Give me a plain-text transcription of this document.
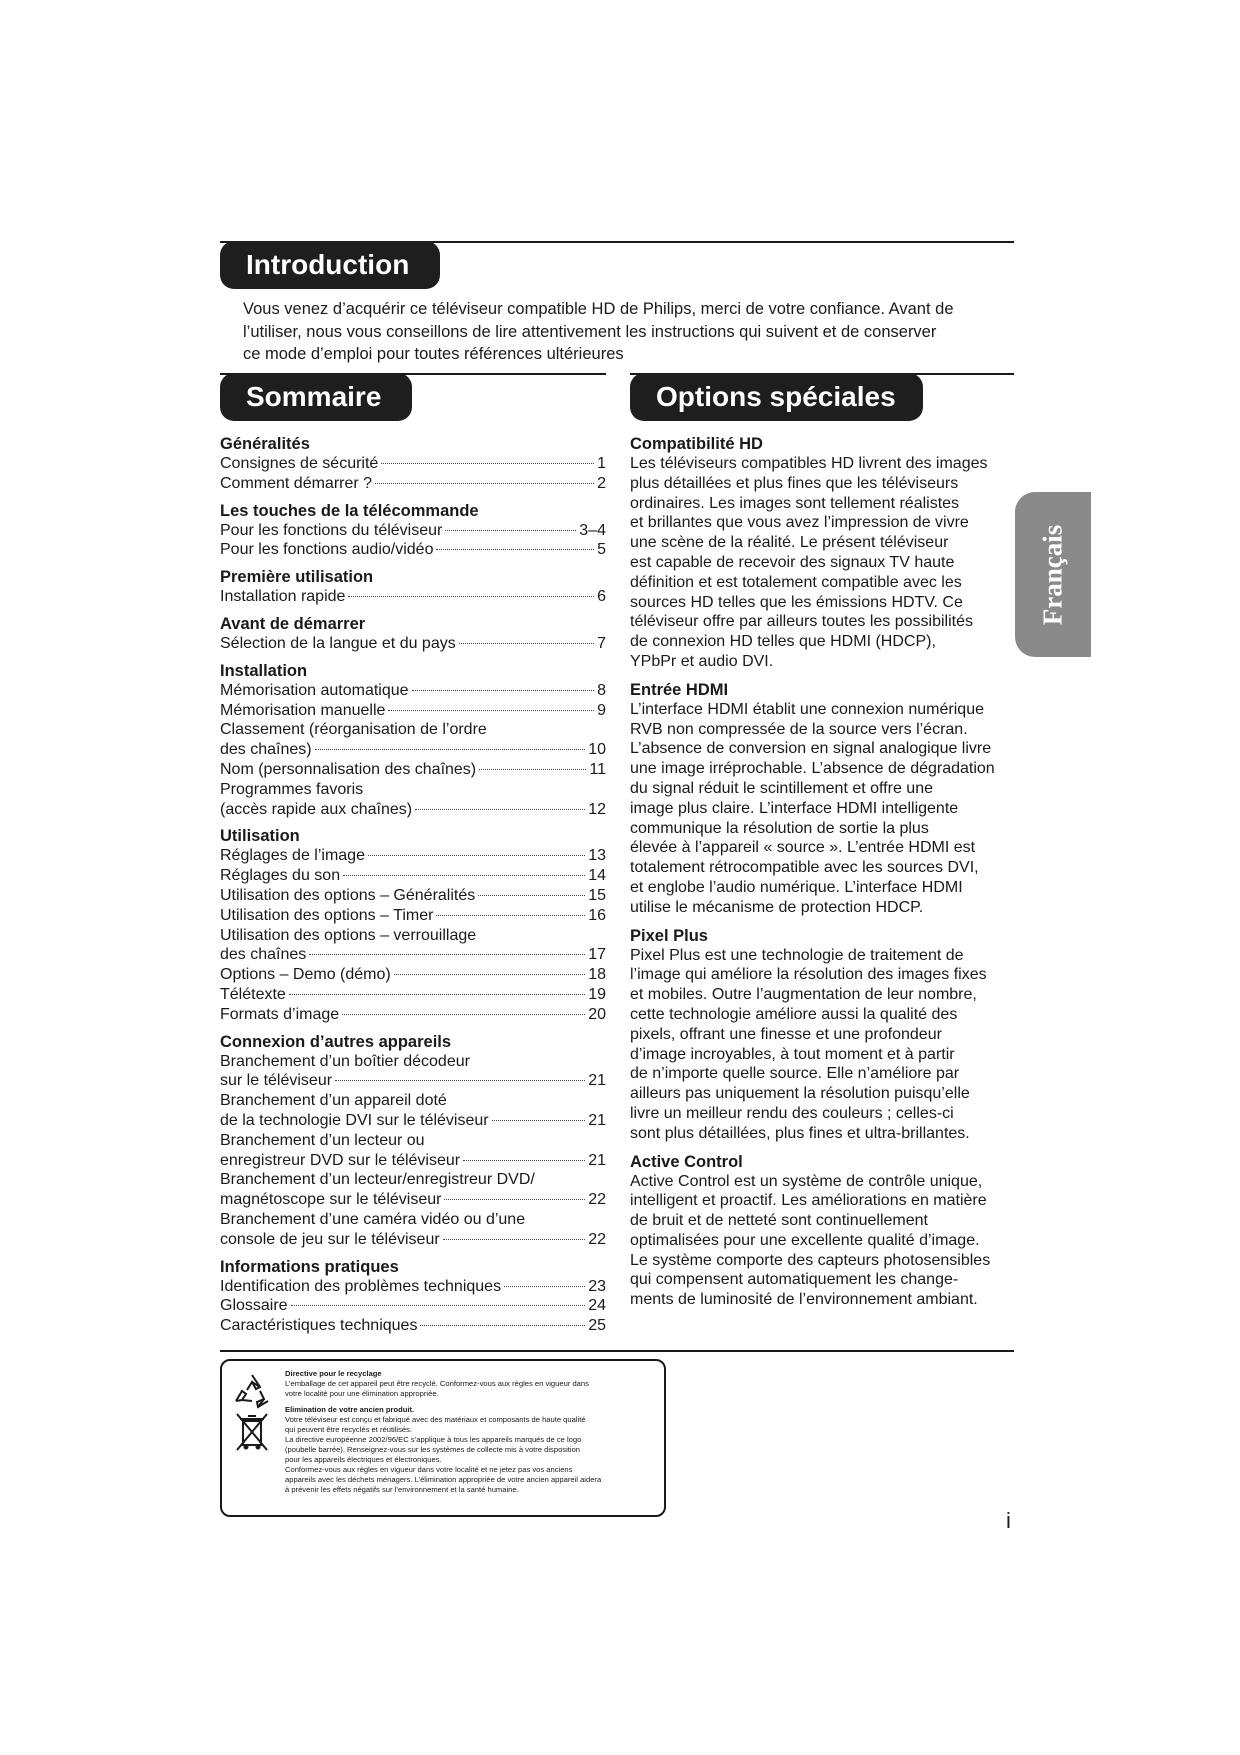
Introduction
Vous venez d’acquérir ce téléviseur compatible HD de Philips, merci de votre confiance. Avant de
l’utiliser, nous vous conseillons de lire attentivement les instructions qui suivent et de conserver
ce mode d’emploi pour toutes références ultérieures
Sommaire	Options spéciales
Français
Généralités
Consignes de sécurité	1
Comment démarrer ?	2
Les touches de la télécommande
Pour les fonctions du téléviseur	3–4
Pour les fonctions audio/vidéo	5
Première utilisation
Installation rapide	6
Avant de démarrer
Sélection de la langue et du pays	7
Installation
Mémorisation automatique	8
Mémorisation manuelle	9
Classement (réorganisation de l’ordre
des chaînes)	10
Nom (personnalisation des chaînes)	11
Programmes favoris
(accès rapide aux chaînes)	12
Utilisation
Réglages de l’image	13
Réglages du son	14
Utilisation des options – Généralités	15
Utilisation des options – Timer	16
Utilisation des options – verrouillage
des chaînes	17
Options – Demo (démo)	18
Télétexte	19
Formats d’image	20
Connexion d’autres appareils
Branchement d’un boîtier décodeur
sur le téléviseur	21
Branchement d’un appareil doté
de la technologie DVI sur le téléviseur	21
Branchement d’un lecteur ou
enregistreur DVD sur le téléviseur	21
Branchement d’un lecteur/enregistreur DVD/
magnétoscope sur le téléviseur	22
Branchement d’une caméra vidéo ou d’une
console de jeu sur le téléviseur	22
Informations pratiques
Identification des problèmes techniques	23
Glossaire	24
Caractéristiques techniques	25
Compatibilité HD

Les téléviseurs compatibles HD livrent des images
plus détaillées et plus fines que les téléviseurs
ordinaires. Les images sont tellement réalistes
et brillantes que vous avez l’impression de vivre
une scène de la réalité. Le présent téléviseur
est capable de recevoir des signaux TV haute
définition et est totalement compatible avec les
sources HD telles que les émissions HDTV. Ce
téléviseur offre par ailleurs toutes les possibilités
de connexion HD telles que HDMI (HDCP),
YPbPr et audio DVI.

Entrée HDMI

L’interface HDMI établit une connexion numérique
RVB non compressée de la source vers l’écran.
L’absence de conversion en signal analogique livre
une image irréprochable. L’absence de dégradation
du signal réduit le scintillement et offre une
image plus claire. L’interface HDMI intelligente
communique la résolution de sortie la plus
élevée à l’appareil « source ». L’entrée HDMI est
totalement rétrocompatible avec les sources DVI,
et englobe l’audio numérique. L’interface HDMI
utilise le mécanisme de protection HDCP.

Pixel Plus

Pixel Plus est une technologie de traitement de
l’image qui améliore la résolution des images fixes
et mobiles. Outre l’augmentation de leur nombre,
cette technologie améliore aussi la qualité des
pixels, offrant une finesse et une profondeur
d’image incroyables, à tout moment et à partir
de n’importe quelle source. Elle n’améliore par
ailleurs pas uniquement la résolution puisqu’elle
livre un meilleur rendu des couleurs ; celles-ci
sont plus détaillées, plus fines et ultra-brillantes.

Active Control

Active Control est un système de contrôle unique,
intelligent et proactif. Les améliorations en matière
de bruit et de netteté sont continuellement
optimalisées pour une excellente qualité d’image.
Le système comporte des capteurs photosensibles
qui compensent automatiquement les change-
ments de luminosité de l’environnement ambiant.

Directive pour le recyclage
L’emballage de cet appareil peut être recyclé. Conformez-vous aux règles en vigueur dans
votre localité pour une élimination appropriée.
Elimination de votre ancien produit.
Votre téléviseur est conçu et fabriqué avec des matériaux et composants de haute qualité
qui peuvent être recyclés et réutilisés.
La directive européenne 2002/96/EC s’applique à tous les appareils marqués de ce logo
(poubelle barrée). Renseignez-vous sur les systèmes de collecte mis à votre disposition
pour les appareils électriques et électroniques.
Conformez-vous aux règles en vigueur dans votre localité et ne jetez pas vos anciens
appareils avec les déchets ménagers. L’élimination appropriée de votre ancien appareil aidera
à prévenir les effets négatifs sur l’environnement et la santé humaine.
i
